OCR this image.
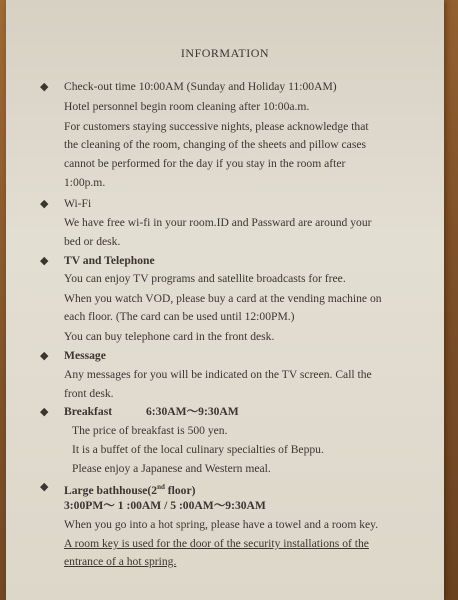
INFORMATION
◆ Check-out time 10:00AM (Sunday and Holiday 11:00AM)
Hotel personnel begin room cleaning after 10:00a.m.
For customers staying successive nights, please acknowledge that
the cleaning of the room, changing of the sheets and pillow cases
cannot be performed for the day if you stay in the room after
1:00p.m.
◆ Wi-Fi
We have free wi-fi in your room.ID and Passward are around your
bed or desk.
◆ TV and Telephone
You can enjoy TV programs and satellite broadcasts for free.
When you watch VOD, please buy a card at the vending machine on
each floor. (The card can be used until 12:00PM.)
You can buy telephone card in the front desk.
◆ Message
Any messages for you will be indicated on the TV screen. Call the
front desk.
◆ Breakfast	6:30AM～9:30AM
The price of breakfast is 500 yen.
It is a buffet of the local culinary specialties of Beppu.
Please enjoy a Japanese and Western meal.
◆ Large bathhouse(2nd floor)
3:00PM～ 1 :00AM / 5 :00AM～9:30AM
When you go into a hot spring, please have a towel and a room key.
A room key is used for the door of the security installations of the
entrance of a hot spring.
